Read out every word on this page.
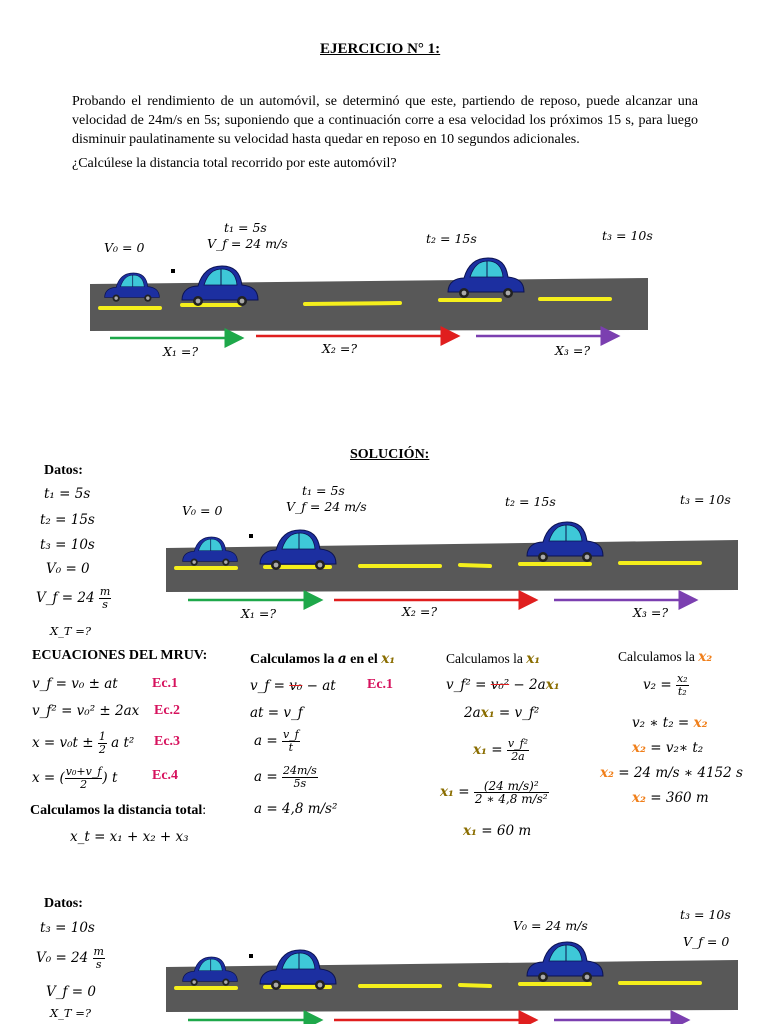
EJERCICIO N° 1:
Probando el rendimiento de un automóvil, se determinó que este, partiendo de reposo, puede alcanzar una velocidad de 24m/s en 5s; suponiendo que a continuación corre a esa velocidad los próximos 15 s, para luego disminuir paulatinamente su velocidad hasta quedar en reposo en 10 segundos adicionales.
¿Calcúlese la distancia total recorrido por este automóvil?
V₀ = 0
t₁ = 5s
V_f = 24 m/s	t₂ = 15s	t₃ = 10s
X₁ =?	X₂ =?	X₃ =?
SOLUCIÓN:
Datos:
t₁ = 5s
t₂ = 15s
t₃ = 10s
V₀ = 0
V_f = $24 \frac{m}{s}$
X_T =?
V₀ = 0
t₁ = 5s
V_f = 24 m/s	t₂ = 15s	t₃ = 10s
X₁ =?	X₂ =?	X₃ =?
ECUACIONES DEL MRUV:
v_f = v₀ ± at Ec.1
v_f² = v₀² ± 2ax Ec.2
$x = v_0t \pm \frac{1}{2}$ a t² Ec.3
x = ( $\frac{\text{v₀+v\_f}}{2}$ ) t Ec.4
Calculamos la distancia total:
x_t = x₁ + x₂ + x₃
Calculamos la a en el x₁
v_f = v₀ − at Ec.1
at = v_f
$a = \frac{v\_f}{t}$
$a = \frac{24m/s}{5s}$
a = 4,8 m/s²
Calculamos la x₁
v_f² = v₀² − 2ax₁
2ax₁ = v_f²
$x_1 = \frac{\text{v\_f²}}{2a}$
$x_1 = \frac{\text{(24 m/s)²}}{\text{2 ∗ 4,8 m/s²}}$
x₁ = 60 m
Calculamos la x₂
$v_2 = \frac{\text{x₂}}{\text{t₂}}$
v₂ ∗ t₂ = x₂
x₂ = v₂∗ t₂
x₂ = 24 m/s ∗ 4152 s
x₂ = 360 m
Datos:
t₃ = 10s
$V_0 = 24 \frac{m}{s}$
V_f = 0
X_T =?
V₀ = 24 m/s
t₃ = 10s
V_f = 0
